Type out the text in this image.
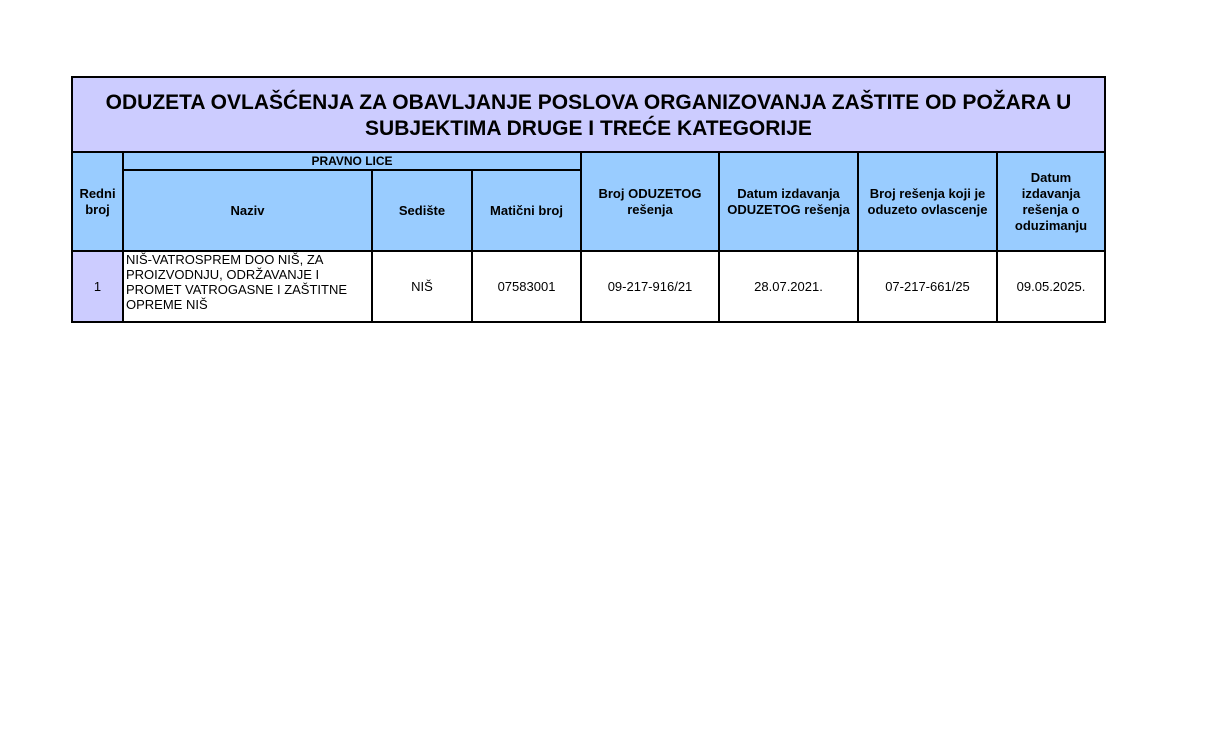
ODUZETA OVLAŠĆENJA ZA OBAVLJANJE POSLOVA ORGANIZOVANJA ZAŠTITE OD POŽARA U SUBJEKTIMA DRUGE I TREĆE KATEGORIJE							
Redni broj	PRAVNO LICE			Broj ODUZETOG rešenja	Datum izdavanja ODUZETOG rešenja	Broj rešenja koji je oduzeto ovlascenje	Datum izdavanja rešenja o oduzimanju
	Naziv	Sedište	Matični broj				
1	NIŠ-VATROSPREM DOO NIŠ, ZA PROIZVODNJU, ODRŽAVANJE I PROMET VATROGASNE I ZAŠTITNE OPREME NIŠ	NIŠ	07583001	09-217-916/21	28.07.2021.	07-217-661/25	09.05.2025.
